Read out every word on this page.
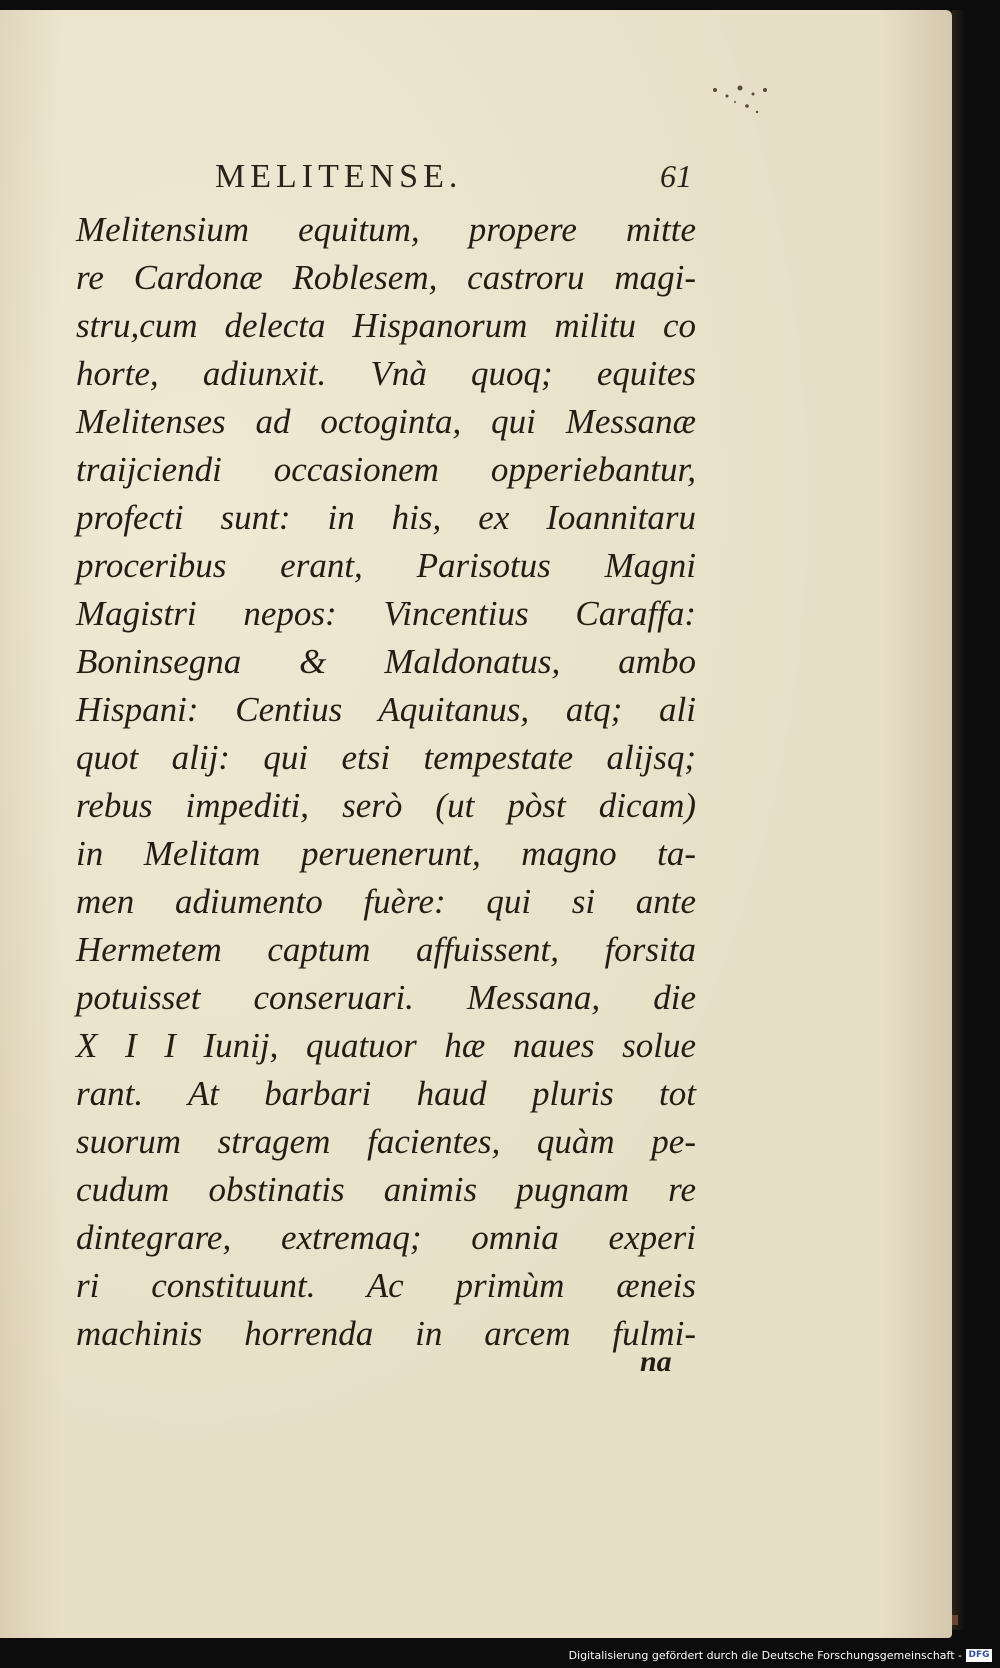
MELITENSE.	61
Melitensium equitum, propere mitte
re Cardonæ Roblesem, castroru magi-
stru,cum delecta Hispanorum militu co
horte, adiunxit. Vnà quoq; equites
Melitenses ad octoginta, qui Messanæ
traijciendi occasionem opperiebantur,
profecti sunt: in his, ex Ioannitaru
proceribus erant, Parisotus Magni
Magistri nepos: Vincentius Caraffa:
Boninsegna & Maldonatus, ambo
Hispani: Centius Aquitanus, atq; ali
quot alij: qui etsi tempestate alijsq;
rebus impediti, serò (ut pòst dicam)
in Melitam peruenerunt, magno ta-
men adiumento fuère: qui si ante
Hermetem captum affuissent, forsita
potuisset conseruari. Messana, die
X I I Iunij, quatuor hæ naues solue
rant. At barbari haud pluris tot
suorum stragem facientes, quàm pe-
cudum obstinatis animis pugnam re
dintegrare, extremaq; omnia experi
ri constituunt. Ac primùm æneis
machinis horrenda in arcem fulmi-
na
Digitalisierung gefördert durch die Deutsche Forschungsgemeinschaft - DFG
